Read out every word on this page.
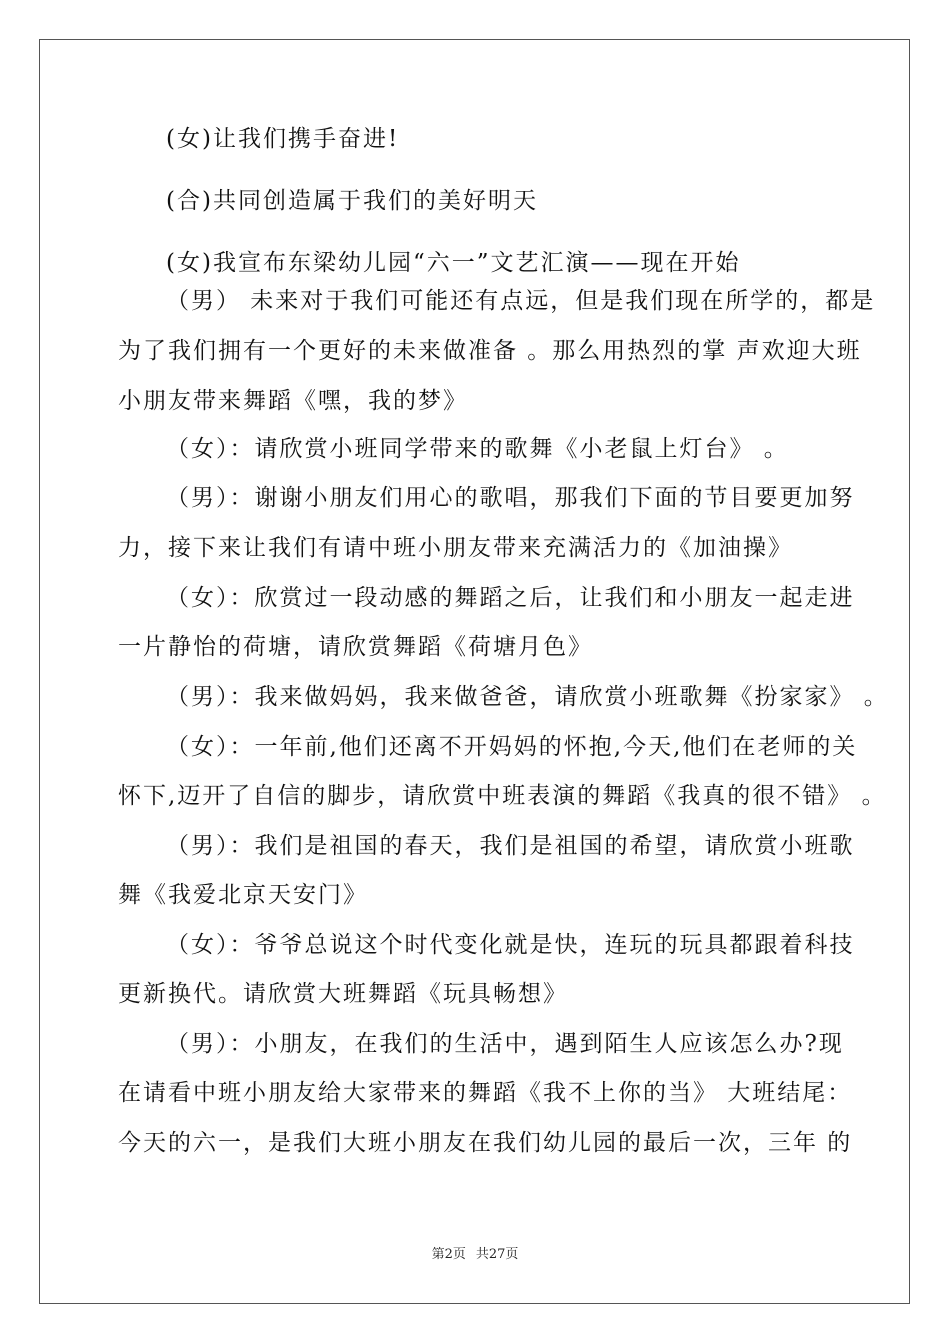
(女)让我们携手奋进!
(合)共同创造属于我们的美好明天
(女)我宣布东梁幼儿园“六一”文艺汇演——现在开始
（男） 未来对于我们可能还有点远，但是我们现在所学的，都是
为了我们拥有一个更好的未来做准备 。那么用热烈的掌 声欢迎大班
小朋友带来舞蹈《嘿，我的梦》
（女）：请欣赏小班同学带来的歌舞《小老鼠上灯台》 。
（男）：谢谢小朋友们用心的歌唱，那我们下面的节目要更加努
力，接下来让我们有请中班小朋友带来充满活力的《加油操》
（女）：欣赏过一段动感的舞蹈之后，让我们和小朋友一起走进
一片静怡的荷塘，请欣赏舞蹈《荷塘月色》
（男）：我来做妈妈，我来做爸爸，请欣赏小班歌舞《扮家家》 。
（女）：一年前,他们还离不开妈妈的怀抱,今天,他们在老师的关
怀下,迈开了自信的脚步，请欣赏中班表演的舞蹈《我真的很不错》 。
（男）：我们是祖国的春天，我们是祖国的希望，请欣赏小班歌
舞《我爱北京天安门》
（女）：爷爷总说这个时代变化就是快，连玩的玩具都跟着科技
更新换代。请欣赏大班舞蹈《玩具畅想》
（男）：小朋友，在我们的生活中，遇到陌生人应该怎么办?现
在请看中班小朋友给大家带来的舞蹈《我不上你的当》 大班结尾：
今天的六一，是我们大班小朋友在我们幼儿园的最后一次，三年 的
第2页 共27页
